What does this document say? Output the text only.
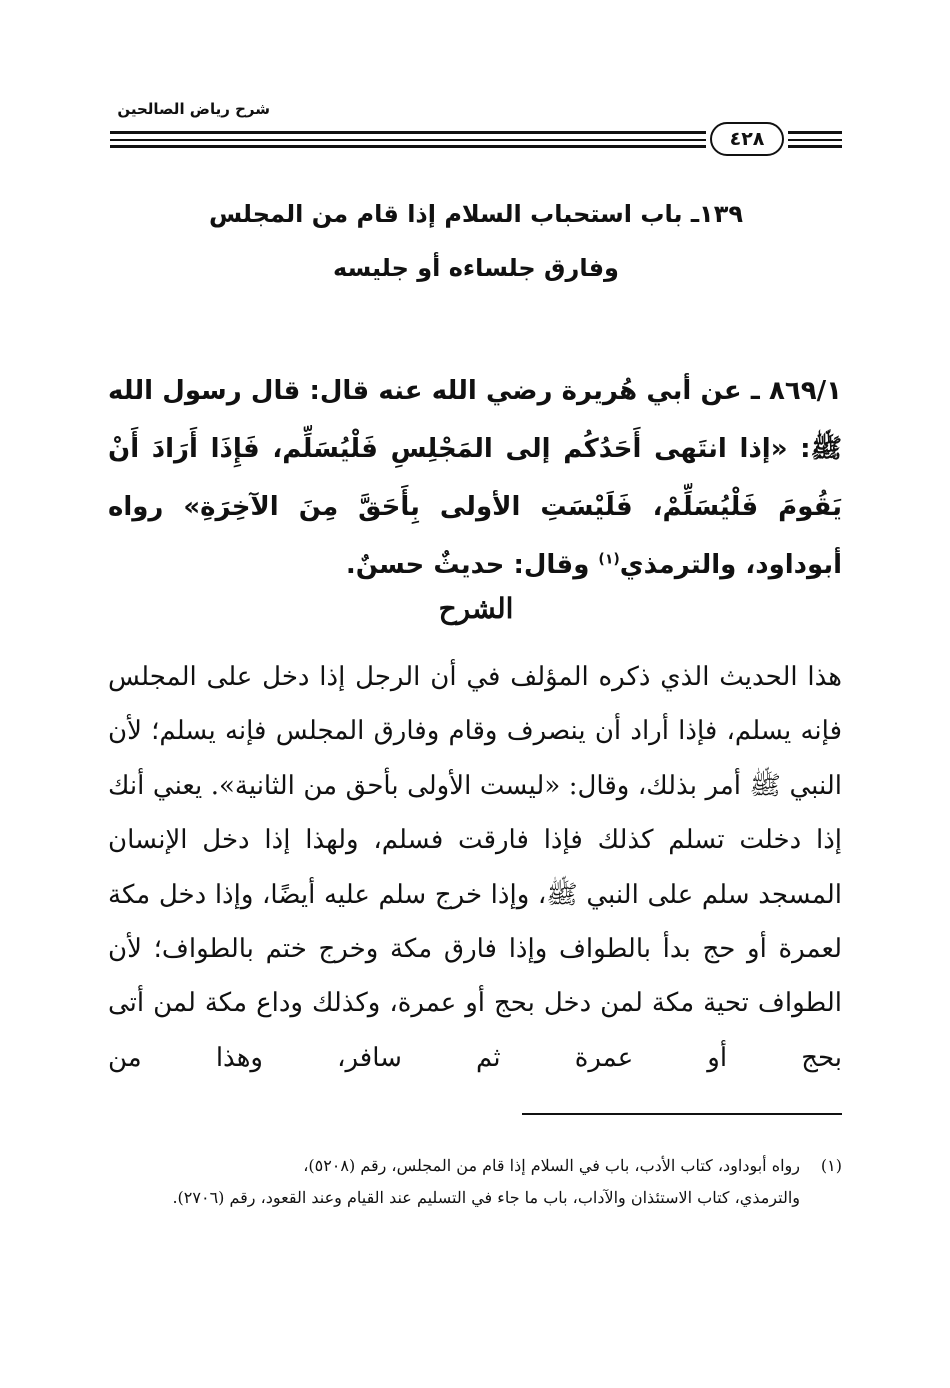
شرح رياض الصالحين
٤٢٨
١٣٩ـ باب استحباب السلام إذا قام من المجلس
وفارق جلساءه أو جليسه
٨٦٩/١ ـ عن أبي هُريرة رضي الله عنه قال: قال رسول الله ﷺ: «إذا انتَهى أَحَدُكُم إلى المَجْلِسِ فَلْيُسَلِّم، فَإِذَا أَرَادَ أَنْ يَقُومَ فَلْيُسَلِّمْ، فَلَيْسَتِ الأولى بِأَحَقَّ مِنَ الآخِرَةِ» رواه أبوداود، والترمذي$^{(١)}$ وقال: حديثٌ حسنٌ.
الشرح
هذا الحديث الذي ذكره المؤلف في أن الرجل إذا دخل على المجلس فإنه يسلم، فإذا أراد أن ينصرف وقام وفارق المجلس فإنه يسلم؛ لأن النبي ﷺ أمر بذلك، وقال: «ليست الأولى بأحق من الثانية». يعني أنك إذا دخلت تسلم كذلك فإذا فارقت فسلم، ولهذا إذا دخل الإنسان المسجد سلم على النبي ﷺ، وإذا خرج سلم عليه أيضًا، وإذا دخل مكة لعمرة أو حج بدأ بالطواف وإذا فارق مكة وخرج ختم بالطواف؛ لأن الطواف تحية مكة لمن دخل بحج أو عمرة، وكذلك وداع مكة لمن أتى بحج أو عمرة ثم سافر، وهذا من
(١)رواه أبوداود، كتاب الأدب، باب في السلام إذا قام من المجلس، رقم (٥٢٠٨)،
والترمذي، كتاب الاستئذان والآداب، باب ما جاء في التسليم عند القيام وعند القعود، رقم (٢٧٠٦).
